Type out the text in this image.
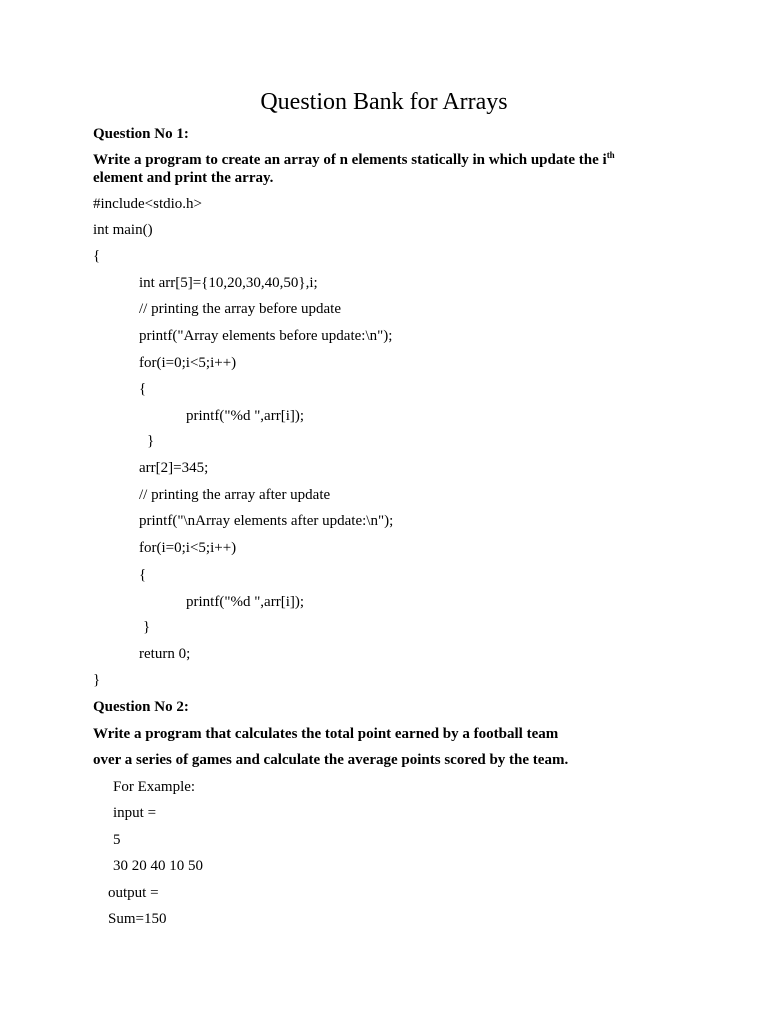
Question Bank for Arrays
Question No 1:
Write a program to create an array of n elements statically in which update the $i^{th}$
element and print the array.
#include<stdio.h>
int main()
{
int arr[5]={10,20,30,40,50},i;
// printing the array before update
printf("Array elements before update:\n");
for(i=0;i<5;i++)
{
printf("%d ",arr[i]);
}
arr[2]=345;
// printing the array after update
printf("\nArray elements after update:\n");
for(i=0;i<5;i++)
{
printf("%d ",arr[i]);
}
return 0;
}
Question No 2:
Write a program that calculates the total point earned by a football team
over a series of games and calculate the average points scored by the team.
For Example:
input =
5
30 20 40 10 50
output =
Sum=150
